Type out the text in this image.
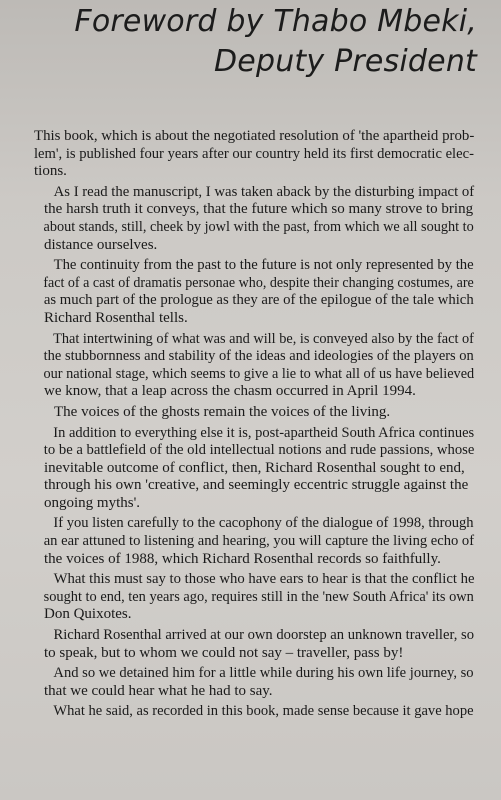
Foreword by Thabo Mbeki,
Deputy President
This book, which is about the negotiated resolution of 'the apartheid prob-
lem', is published four years after our country held its first democratic elec-
tions.
As I read the manuscript, I was taken aback by the disturbing impact of
the harsh truth it conveys, that the future which so many strove to bring
about stands, still, cheek by jowl with the past, from which we all sought to
distance ourselves.
The continuity from the past to the future is not only represented by the
fact of a cast of dramatis personae who, despite their changing costumes, are
as much part of the prologue as they are of the epilogue of the tale which
Richard Rosenthal tells.
That intertwining of what was and will be, is conveyed also by the fact of
the stubbornness and stability of the ideas and ideologies of the players on
our national stage, which seems to give a lie to what all of us have believed
we know, that a leap across the chasm occurred in April 1994.
The voices of the ghosts remain the voices of the living.
In addition to everything else it is, post-apartheid South Africa continues
to be a battlefield of the old intellectual notions and rude passions, whose
inevitable outcome of conflict, then, Richard Rosenthal sought to end,
through his own 'creative, and seemingly eccentric struggle against the
ongoing myths'.
If you listen carefully to the cacophony of the dialogue of 1998, through
an ear attuned to listening and hearing, you will capture the living echo of
the voices of 1988, which Richard Rosenthal records so faithfully.
What this must say to those who have ears to hear is that the conflict he
sought to end, ten years ago, requires still in the 'new South Africa' its own
Don Quixotes.
Richard Rosenthal arrived at our own doorstep an unknown traveller, so
to speak, but to whom we could not say – traveller, pass by!
And so we detained him for a little while during his own life journey, so
that we could hear what he had to say.
What he said, as recorded in this book, made sense because it gave hope
